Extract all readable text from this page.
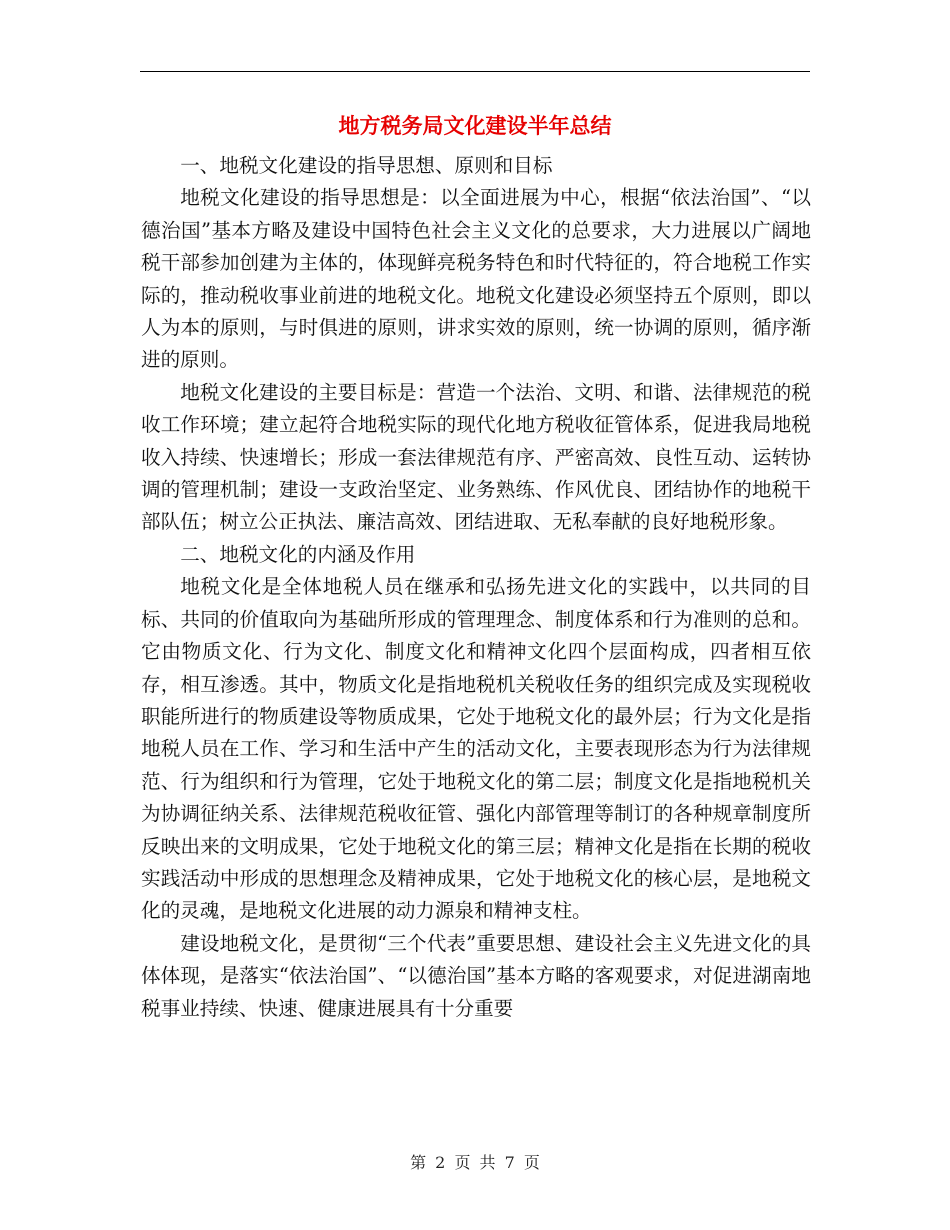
地方税务局文化建设半年总结

一、地税文化建设的指导思想、原则和目标

地税文化建设的指导思想是：以全面进展为中心，根据“依法治国”、“以德治国”基本方略及建设中国特色社会主义文化的总要求，大力进展以广阔地税干部参加创建为主体的，体现鲜亮税务特色和时代特征的，符合地税工作实际的，推动税收事业前进的地税文化。地税文化建设必须坚持五个原则，即以人为本的原则，与时俱进的原则，讲求实效的原则，统一协调的原则，循序渐进的原则。

地税文化建设的主要目标是：营造一个法治、文明、和谐、法律规范的税收工作环境；建立起符合地税实际的现代化地方税收征管体系，促进我局地税收入持续、快速增长；形成一套法律规范有序、严密高效、良性互动、运转协调的管理机制；建设一支政治坚定、业务熟练、作风优良、团结协作的地税干部队伍；树立公正执法、廉洁高效、团结进取、无私奉献的良好地税形象。

二、地税文化的内涵及作用

地税文化是全体地税人员在继承和弘扬先进文化的实践中，以共同的目标、共同的价值取向为基础所形成的管理理念、制度体系和行为准则的总和。它由物质文化、行为文化、制度文化和精神文化四个层面构成，四者相互依存，相互渗透。其中，物质文化是指地税机关税收任务的组织完成及实现税收职能所进行的物质建设等物质成果，它处于地税文化的最外层；行为文化是指地税人员在工作、学习和生活中产生的活动文化，主要表现形态为行为法律规范、行为组织和行为管理，它处于地税文化的第二层；制度文化是指地税机关为协调征纳关系、法律规范税收征管、强化内部管理等制订的各种规章制度所反映出来的文明成果，它处于地税文化的第三层；精神文化是指在长期的税收实践活动中形成的思想理念及精神成果，它处于地税文化的核心层，是地税文化的灵魂，是地税文化进展的动力源泉和精神支柱。

建设地税文化，是贯彻“三个代表”重要思想、建设社会主义先进文化的具体体现，是落实“依法治国”、“以德治国”基本方略的客观要求，对促进湖南地税事业持续、快速、健康进展具有十分重要

第 2 页 共 7 页
